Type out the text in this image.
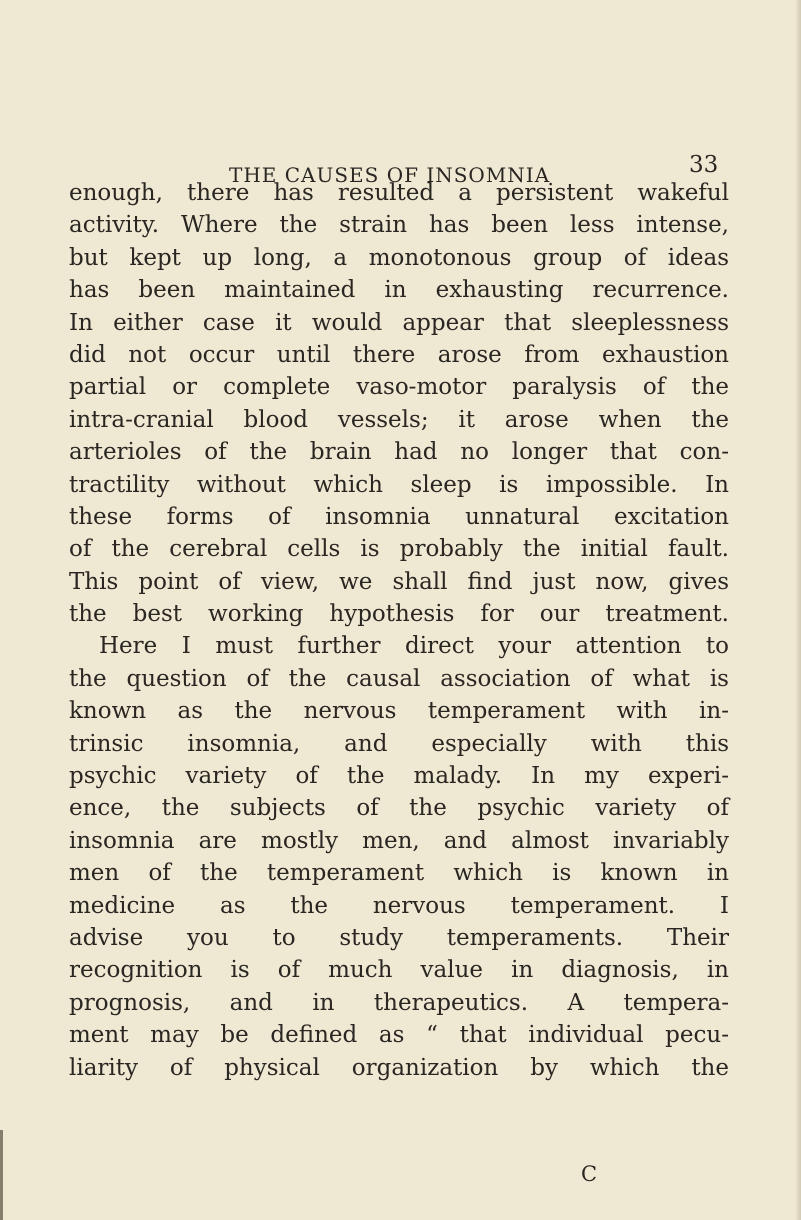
THE CAUSES OF INSOMNIA	33
enough, there has resulted a persistent wakeful
activity. Where the strain has been less intense,
but kept up long, a monotonous group of ideas
has been maintained in exhausting recurrence.
In either case it would appear that sleeplessness
did not occur until there arose from exhaustion
partial or complete vaso-motor paralysis of the
intra-cranial blood vessels; it arose when the
arterioles of the brain had no longer that con-
tractility without which sleep is impossible. In
these forms of insomnia unnatural excitation
of the cerebral cells is probably the initial fault.
This point of view, we shall find just now, gives
the best working hypothesis for our treatment.
Here I must further direct your attention to
the question of the causal association of what is
known as the nervous temperament with in-
trinsic insomnia, and especially with this
psychic variety of the malady. In my experi-
ence, the subjects of the psychic variety of
insomnia are mostly men, and almost invariably
men of the temperament which is known in
medicine as the nervous temperament. I
advise you to study temperaments. Their
recognition is of much value in diagnosis, in
prognosis, and in therapeutics. A tempera-
ment may be defined as “ that individual pecu-
liarity of physical organization by which the
C
